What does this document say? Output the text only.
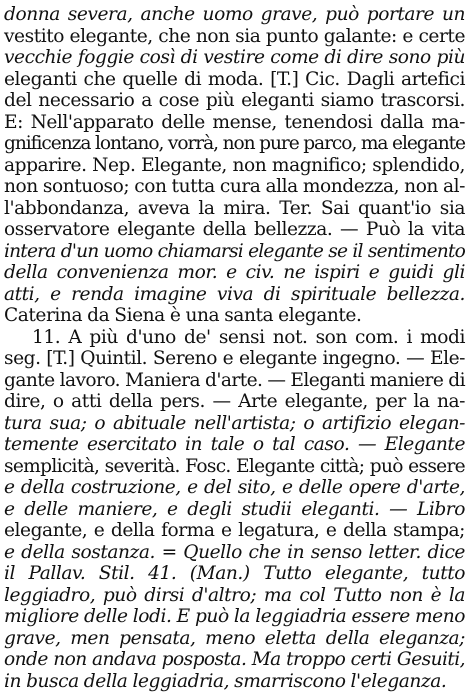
donna severa, anche uomo grave, può portare un
vestito elegante, che non sia punto galante: e certe
vecchie foggie così di vestire come di dire sono più
eleganti che quelle di moda. [T.] Cic. Dagli artefici
del necessario a cose più eleganti siamo trascorsi.
E: Nell'apparato delle mense, tenendosi dalla ma-
gnificenza lontano, vorrà, non pure parco, ma elegante
apparire. Nep. Elegante, non magnifico; splendido,
non sontuoso; con tutta cura alla mondezza, non al-
l'abbondanza, aveva la mira. Ter. Sai quant'io sia
osservatore elegante della bellezza. — Può la vita
intera d'un uomo chiamarsi elegante se il sentimento
della convenienza mor. e civ. ne ispiri e guidi gli
atti, e renda imagine viva di spirituale bellezza.
Caterina da Siena è una santa elegante.
11. A più d'uno de' sensi not. son com. i modi
seg. [T.] Quintil. Sereno e elegante ingegno. — Ele-
gante lavoro. Maniera d'arte. — Eleganti maniere di
dire, o atti della pers. — Arte elegante, per la na-
tura sua; o abituale nell'artista; o artifizio elegan-
temente esercitato in tale o tal caso. — Elegante
semplicità, severità. Fosc. Elegante città; può essere
e della costruzione, e del sito, e delle opere d'arte,
e delle maniere, e degli studii eleganti. — Libro
elegante, e della forma e legatura, e della stampa;
e della sostanza. = Quello che in senso letter. dice
il Pallav. Stil. 41. (Man.) Tutto elegante, tutto
leggiadro, può dirsi d'altro; ma col Tutto non è la
migliore delle lodi. E può la leggiadria essere meno
grave, men pensata, meno eletta della eleganza;
onde non andava posposta. Ma troppo certi Gesuiti,
in busca della leggiadria, smarriscono l'eleganza.
